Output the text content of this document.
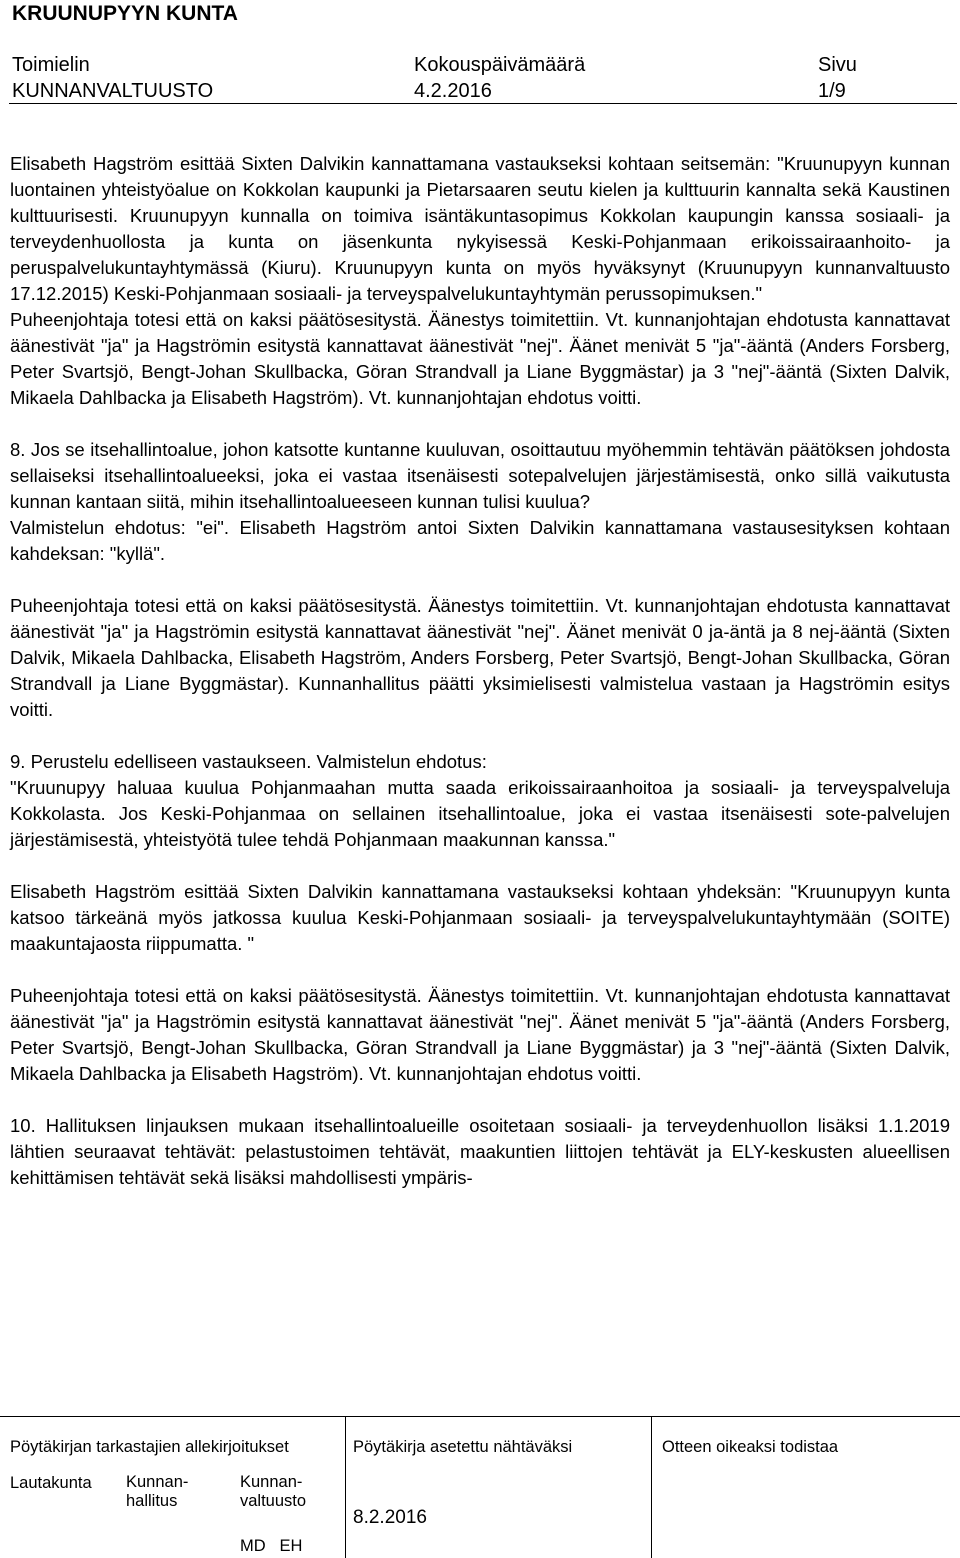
KRUUNUPYYN KUNTA
Toimielin
KUNNANVALTUUSTO
Kokouspäivämäärä
4.2.2016
Sivu
1/9

Elisabeth Hagström esittää Sixten Dalvikin kannattamana vastaukseksi kohtaan seitsemän: "Kruunupyyn kunnan luontainen yhteistyöalue on Kokkolan kaupunki ja Pietarsaaren seutu kielen ja kulttuurin kannalta sekä Kaustinen kulttuurisesti. Kruunupyyn kunnalla on toimiva isäntäkuntasopimus Kokkolan kaupungin kanssa sosiaali- ja terveydenhuollosta ja kunta on jäsenkunta nykyisessä Keski-Pohjanmaan erikoissairaanhoito- ja peruspalvelukuntayhtymässä (Kiuru). Kruunupyyn kunta on myös hyväksynyt (Kruunupyyn kunnanvaltuusto 17.12.2015) Keski-Pohjanmaan sosiaali- ja terveyspalvelukuntayhtymän perussopimuksen."

Puheenjohtaja totesi että on kaksi päätösesitystä. Äänestys toimitettiin. Vt. kunnanjohtajan ehdotusta kannattavat äänestivät "ja" ja Hagströmin esitystä kannattavat äänestivät "nej". Äänet menivät 5 "ja"-ääntä (Anders Forsberg, Peter Svartsjö, Bengt-Johan Skullbacka, Göran Strandvall ja Liane Byggmästar) ja 3 "nej"-ääntä (Sixten Dalvik, Mikaela Dahlbacka ja Elisabeth Hagström). Vt. kunnanjohtajan ehdotus voitti.

8. Jos se itsehallintoalue, johon katsotte kuntanne kuuluvan, osoittautuu myöhemmin tehtävän päätöksen johdosta sellaiseksi itsehallintoalueeksi, joka ei vastaa itsenäisesti sotepalvelujen järjestämisestä, onko sillä vaikutusta kunnan kantaan siitä, mihin itsehallintoalueeseen kunnan tulisi kuulua?

Valmistelun ehdotus: "ei". Elisabeth Hagström antoi Sixten Dalvikin kannattamana vastausesityksen kohtaan kahdeksan: "kyllä".

Puheenjohtaja totesi että on kaksi päätösesitystä. Äänestys toimitettiin. Vt. kunnanjohtajan ehdotusta kannattavat äänestivät "ja" ja Hagströmin esitystä kannattavat äänestivät "nej". Äänet menivät 0 ja-äntä ja 8 nej-ääntä (Sixten Dalvik, Mikaela Dahlbacka, Elisabeth Hagström, Anders Forsberg, Peter Svartsjö, Bengt-Johan Skullbacka, Göran Strandvall ja Liane Byggmästar). Kunnanhallitus päätti yksimielisesti valmistelua vastaan ja Hagströmin esitys voitti.

9. Perustelu edelliseen vastaukseen. Valmistelun ehdotus:

"Kruunupyy haluaa kuulua Pohjanmaahan mutta saada erikoissairaanhoitoa ja sosiaali- ja terveyspalveluja Kokkolasta. Jos Keski-Pohjanmaa on sellainen itsehallintoalue, joka ei vastaa itsenäisesti sote-palvelujen järjestämisestä, yhteistyötä tulee tehdä Pohjanmaan maakunnan kanssa."

Elisabeth Hagström esittää Sixten Dalvikin kannattamana vastaukseksi kohtaan yhdeksän: "Kruunupyyn kunta katsoo tärkeänä myös jatkossa kuulua Keski-Pohjanmaan sosiaali- ja terveyspalvelukuntayhtymään (SOITE) maakuntajaosta riippumatta. "

Puheenjohtaja totesi että on kaksi päätösesitystä. Äänestys toimitettiin. Vt. kunnanjohtajan ehdotusta kannattavat äänestivät "ja" ja Hagströmin esitystä kannattavat äänestivät "nej". Äänet menivät 5 "ja"-ääntä (Anders Forsberg, Peter Svartsjö, Bengt-Johan Skullbacka, Göran Strandvall ja Liane Byggmästar) ja 3 "nej"-ääntä (Sixten Dalvik, Mikaela Dahlbacka ja Elisabeth Hagström). Vt. kunnanjohtajan ehdotus voitti.

10. Hallituksen linjauksen mukaan itsehallintoalueille osoitetaan sosiaali- ja terveydenhuollon lisäksi 1.1.2019 lähtien seuraavat tehtävät: pelastustoimen tehtävät, maakuntien liittojen tehtävät ja ELY-keskusten alueellisen kehittämisen tehtävät sekä lisäksi mahdollisesti ympäris-

Pöytäkirjan tarkastajien allekirjoitukset	Pöytäkirja asetettu nähtäväksi	Otteen oikeaksi todistaa
Lautakunta Kunnan-
hallitus
Kunnan-
valtuusto
MD EH
8.2.2016
